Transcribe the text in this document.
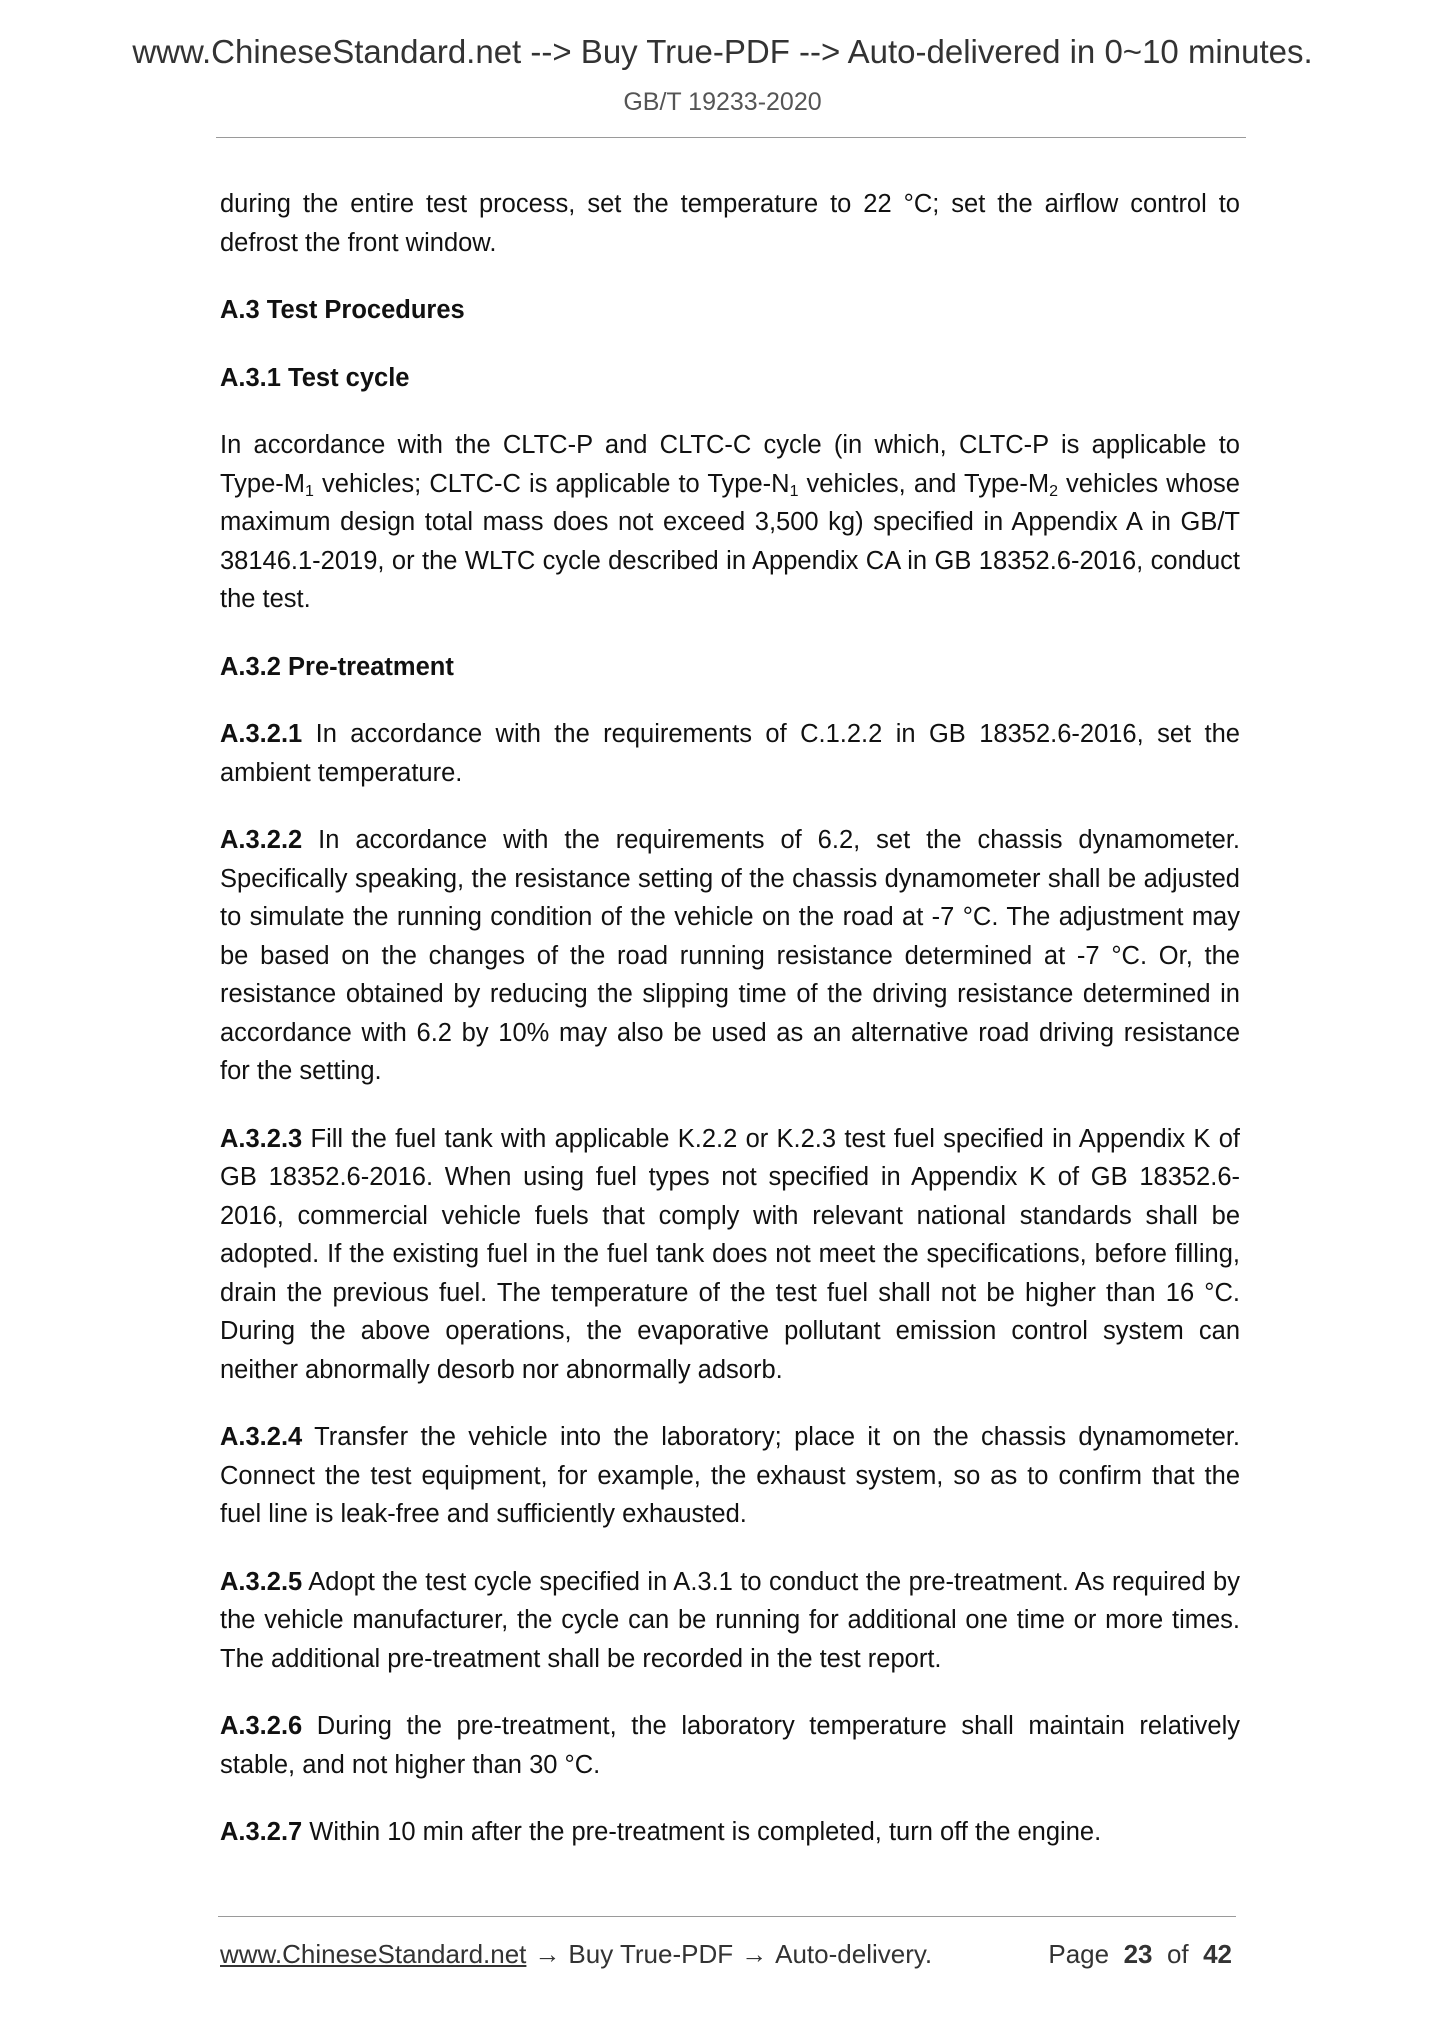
www.ChineseStandard.net --> Buy True-PDF --> Auto-delivered in 0~10 minutes.
GB/T 19233-2020

during the entire test process, set the temperature to 22 °C; set the airflow control to defrost the front window.

A.3 Test Procedures

A.3.1 Test cycle

In accordance with the CLTC-P and CLTC-C cycle (in which, CLTC-P is applicable to Type-$M_1$ vehicles; CLTC-C is applicable to Type-$N_1$ vehicles, and Type-$M_2$ vehicles whose maximum design total mass does not exceed 3,500 kg) specified in Appendix A in GB/T 38146.1-2019, or the WLTC cycle described in Appendix CA in GB 18352.6-2016, conduct the test.

A.3.2 Pre-treatment

A.3.2.1 In accordance with the requirements of C.1.2.2 in GB 18352.6-2016, set the ambient temperature.

A.3.2.2 In accordance with the requirements of 6.2, set the chassis dynamometer. Specifically speaking, the resistance setting of the chassis dynamometer shall be adjusted to simulate the running condition of the vehicle on the road at -7 °C. The adjustment may be based on the changes of the road running resistance determined at -7 °C. Or, the resistance obtained by reducing the slipping time of the driving resistance determined in accordance with 6.2 by 10% may also be used as an alternative road driving resistance for the setting.

A.3.2.3 Fill the fuel tank with applicable K.2.2 or K.2.3 test fuel specified in Appendix K of GB 18352.6-2016. When using fuel types not specified in Appendix K of GB 18352.6-2016, commercial vehicle fuels that comply with relevant national standards shall be adopted. If the existing fuel in the fuel tank does not meet the specifications, before filling, drain the previous fuel. The temperature of the test fuel shall not be higher than 16 °C. During the above operations, the evaporative pollutant emission control system can neither abnormally desorb nor abnormally adsorb.

A.3.2.4 Transfer the vehicle into the laboratory; place it on the chassis dynamometer. Connect the test equipment, for example, the exhaust system, so as to confirm that the fuel line is leak-free and sufficiently exhausted.

A.3.2.5 Adopt the test cycle specified in A.3.1 to conduct the pre-treatment. As required by the vehicle manufacturer, the cycle can be running for additional one time or more times. The additional pre-treatment shall be recorded in the test report.

A.3.2.6 During the pre-treatment, the laboratory temperature shall maintain relatively stable, and not higher than 30 °C.

A.3.2.7 Within 10 min after the pre-treatment is completed, turn off the engine.

www.ChineseStandard.net → Buy True-PDF → Auto-delivery.	Page 23 of 42
